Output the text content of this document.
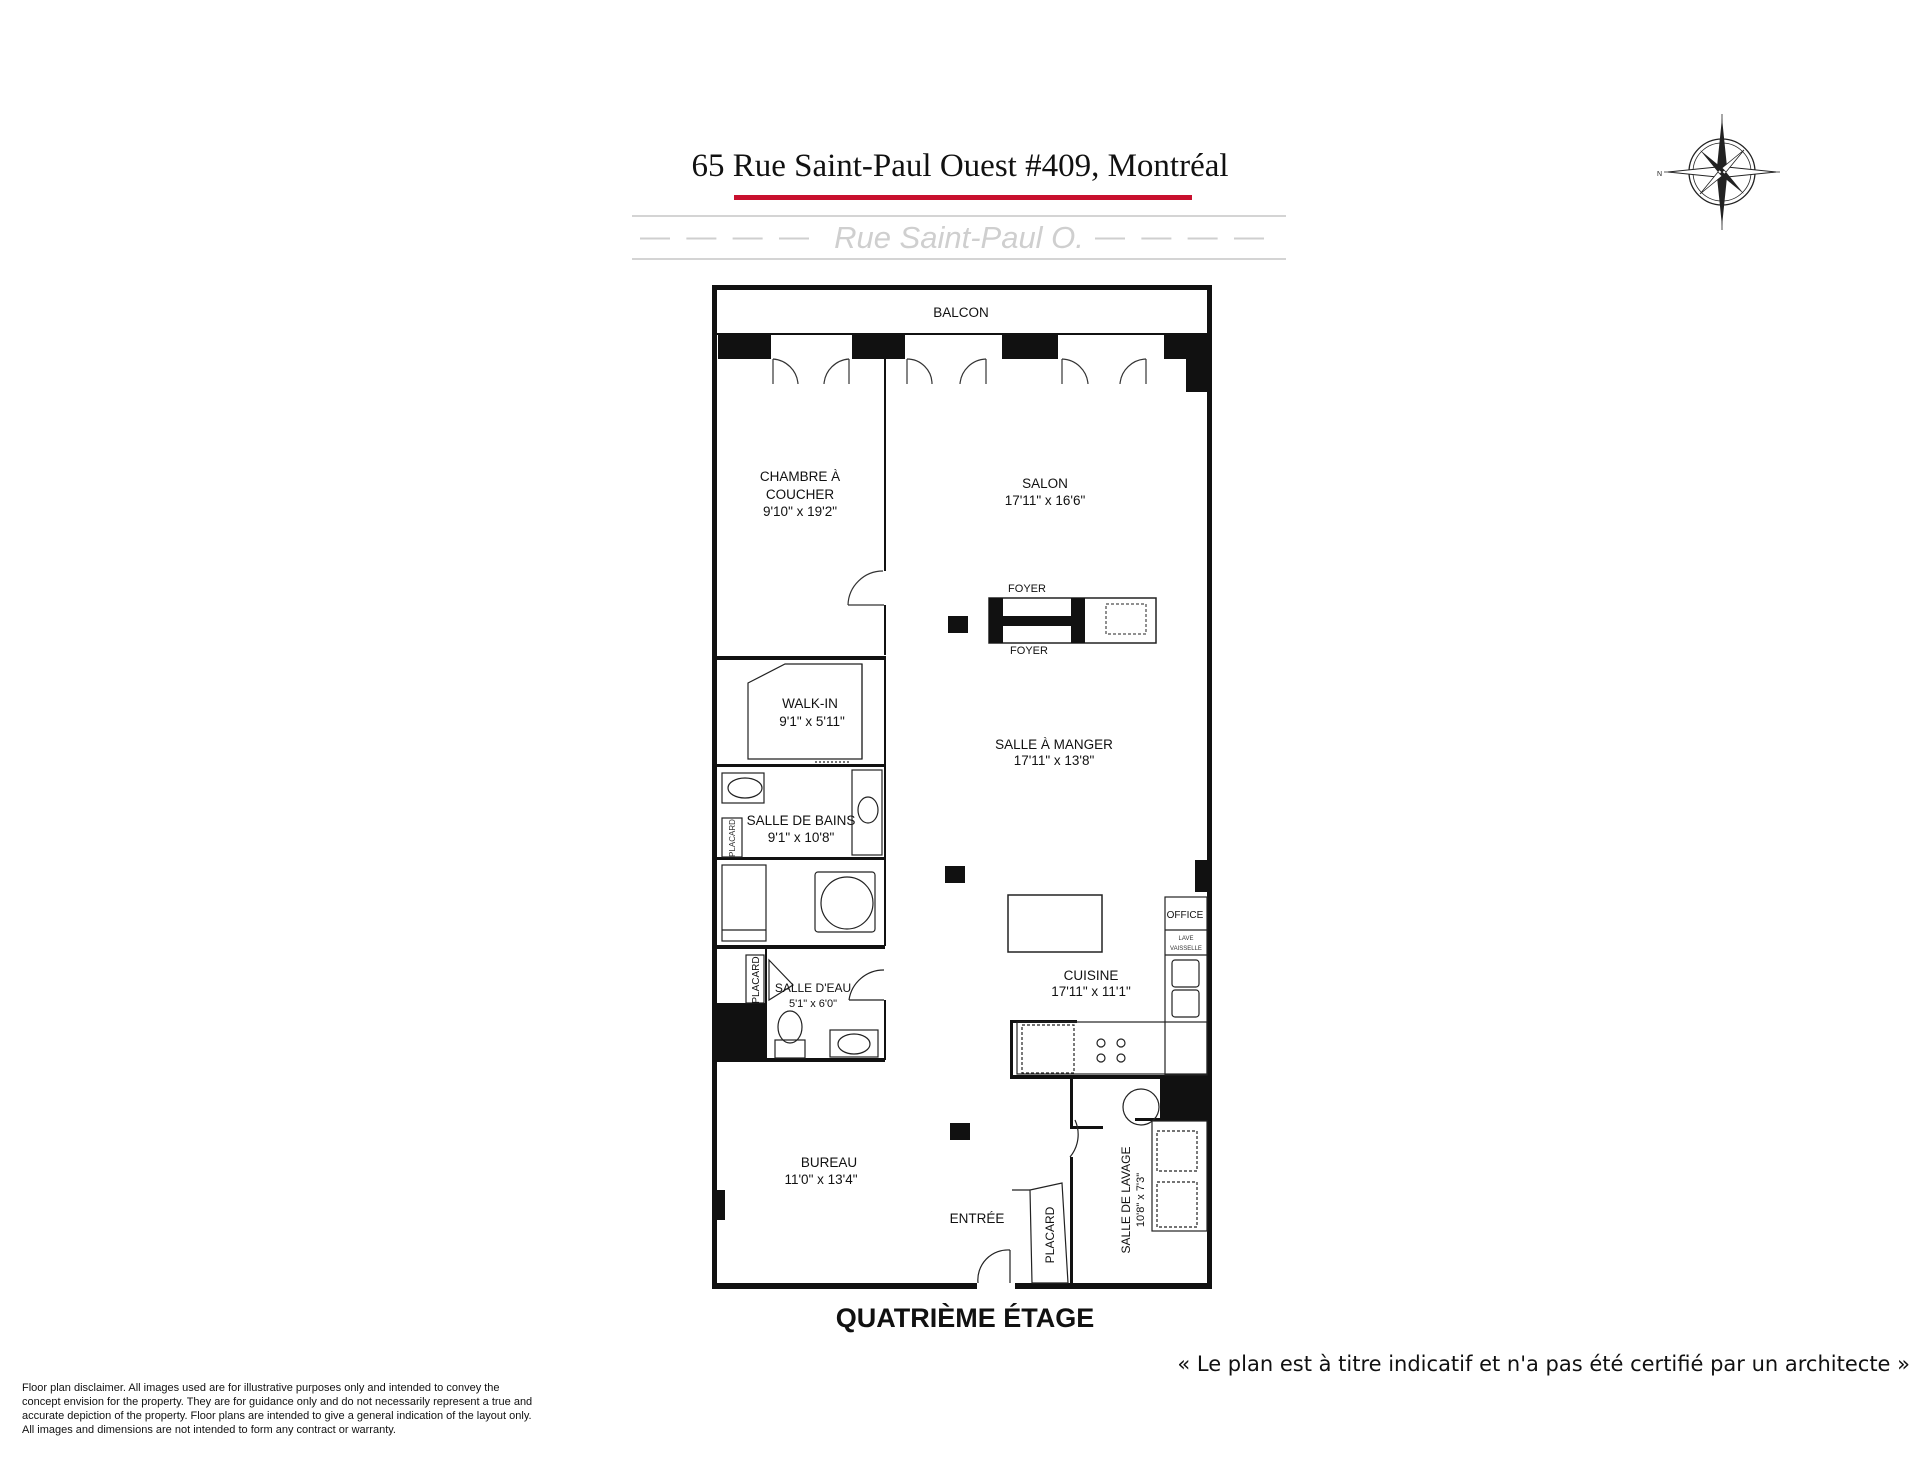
65 Rue Saint-Paul Ouest #409, Montréal
— — — — Rue Saint-Paul O. — — — —
N
BALCON
CHAMBRE À
COUCHER
9'10" x 19'2"
SALON
17'11" x 16'6"
FOYER
FOYER
WALK-IN
9'1" x 5'11"
SALLE À MANGER
17'11" x 13'8"
SALLE DE BAINS
9'1" x 10'8"
PLACARD
OFFICE
LAVE
VAISSELLE
CUISINE
17'11" x 11'1"
SALLE D'EAU
5'1" x 6'0"
PLACARD
BUREAU
11'0" x 13'4"
ENTRÉE	PLACARD	SALLE DE LAVAGE 10'8" x 7'3"
QUATRIÈME ÉTAGE
« Le plan est à titre indicatif et n'a pas été certifié par un architecte »
Floor plan disclaimer. All images used are for illustrative purposes only and intended to convey the
concept envision for the property. They are for guidance only and do not necessarily represent a true and
accurate depiction of the property. Floor plans are intended to give a general indication of the layout only.
All images and dimensions are not intended to form any contract or warranty.
